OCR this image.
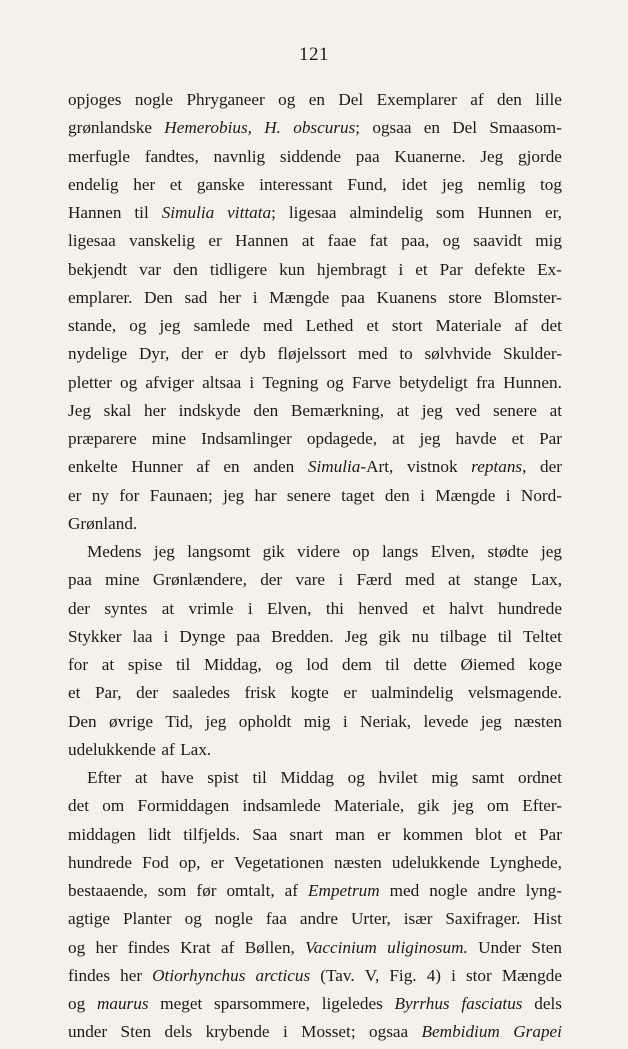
121
opjoges nogle Phryganeer og en Del Exemplarer af den lille
grønlandske Hemerobius, H. obscurus; ogsaa en Del Smaasom-
merfugle fandtes, navnlig siddende paa Kuanerne. Jeg gjorde
endelig her et ganske interessant Fund, idet jeg nemlig tog
Hannen til Simulia vittata; ligesaa almindelig som Hunnen er,
ligesaa vanskelig er Hannen at faae fat paa, og saavidt mig
bekjendt var den tidligere kun hjembragt i et Par defekte Ex-
emplarer. Den sad her i Mængde paa Kuanens store Blomster-
stande, og jeg samlede med Lethed et stort Materiale af det
nydelige Dyr, der er dyb fløjelssort med to sølvhvide Skulder-
pletter og afviger altsaa i Tegning og Farve betydeligt fra Hunnen.
Jeg skal her indskyde den Bemærkning, at jeg ved senere at
præparere mine Indsamlinger opdagede, at jeg havde et Par
enkelte Hunner af en anden Simulia-Art, vistnok reptans, der
er ny for Faunaen; jeg har senere taget den i Mængde i Nord-
Grønland.
Medens jeg langsomt gik videre op langs Elven, stødte jeg
paa mine Grønlændere, der vare i Færd med at stange Lax,
der syntes at vrimle i Elven, thi henved et halvt hundrede
Stykker laa i Dynge paa Bredden. Jeg gik nu tilbage til Teltet
for at spise til Middag, og lod dem til dette Øiemed koge
et Par, der saaledes frisk kogte er ualmindelig velsmagende.
Den øvrige Tid, jeg opholdt mig i Neriak, levede jeg næsten
udelukkende af Lax.
Efter at have spist til Middag og hvilet mig samt ordnet
det om Formiddagen indsamlede Materiale, gik jeg om Efter-
middagen lidt tilfjelds. Saa snart man er kommen blot et Par
hundrede Fod op, er Vegetationen næsten udelukkende Lynghede,
bestaaende, som før omtalt, af Empetrum med nogle andre lyng-
agtige Planter og nogle faa andre Urter, især Saxifrager. Hist
og her findes Krat af Bøllen, Vaccinium uliginosum. Under Sten
findes her Otiorhynchus arcticus (Tav. V, Fig. 4) i stor Mængde
og maurus meget sparsommere, ligeledes Byrrhus fasciatus dels
under Sten dels krybende i Mosset; ogsaa Bembidium Grapei
